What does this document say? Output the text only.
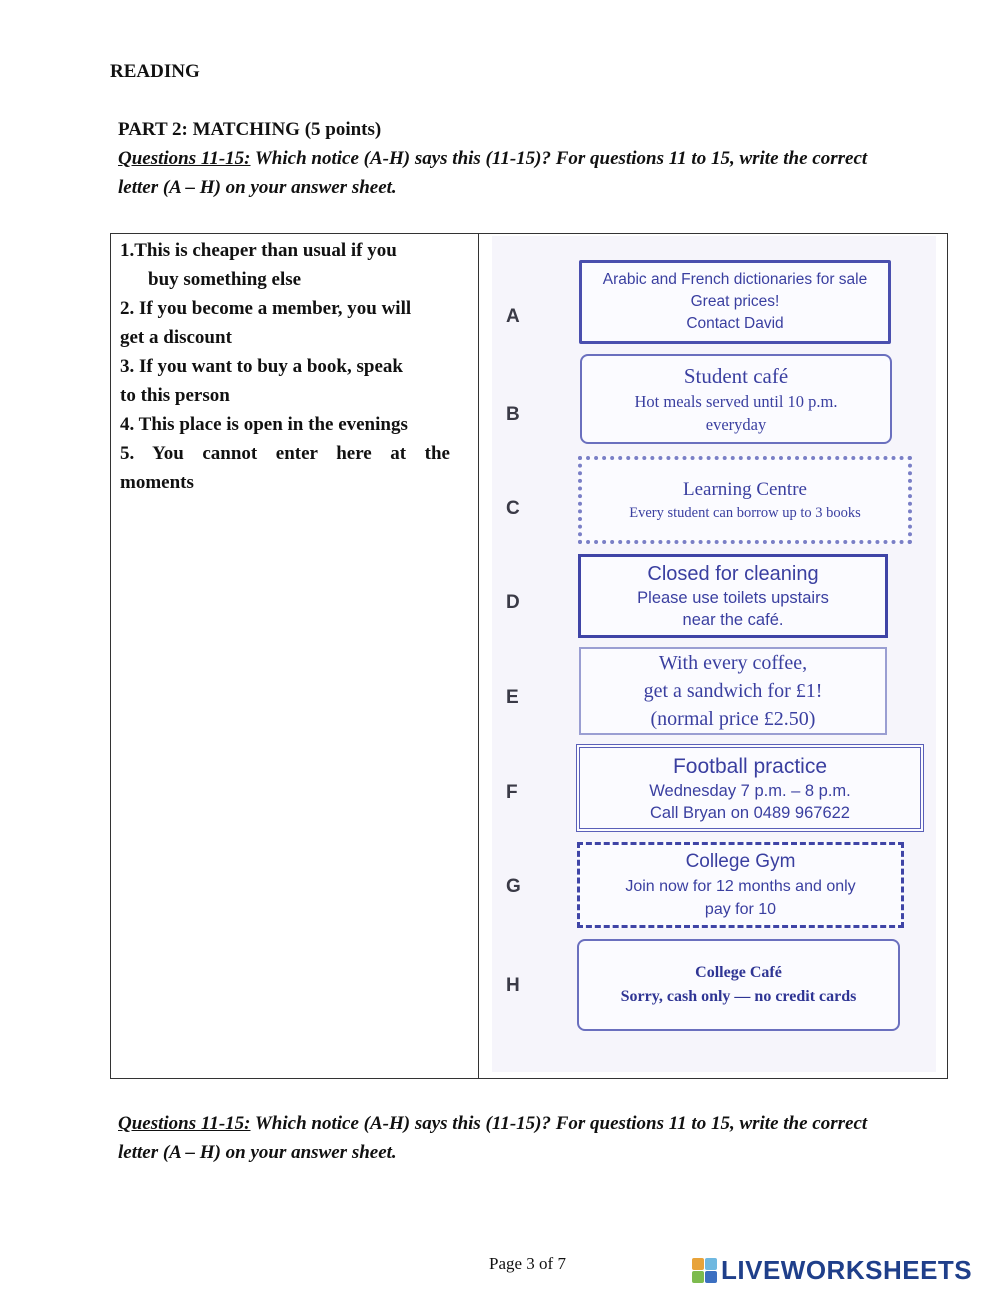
READING
PART 2: MATCHING (5 points)
Questions 11-15: Which notice (A-H) says this (11-15)? For questions 11 to 15, write the correct
letter (A – H) on your answer sheet.
1.This is cheaper than usual if you
buy something else
2. If you become a member, you will
get a discount
3. If you want to buy a book, speak
to this person
4. This place is open in the evenings
5. You cannot enter here at the
moments
A
Arabic and French dictionaries for sale
Great prices!
Contact David
B
Student café
Hot meals served until 10 p.m.
everyday
C
Learning Centre
Every student can borrow up to 3 books
D
Closed for cleaning
Please use toilets upstairs
near the café.
E
With every coffee,
get a sandwich for £1!
(normal price £2.50)
F
Football practice
Wednesday 7 p.m. – 8 p.m.
Call Bryan on 0489 967622
G
College Gym
Join now for 12 months and only
pay for 10
H
College Café
Sorry, cash only — no credit cards
Questions 11-15: Which notice (A-H) says this (11-15)? For questions 11 to 15, write the correct
letter (A – H) on your answer sheet.
Page 3 of 7	LIVEWORKSHEETS
